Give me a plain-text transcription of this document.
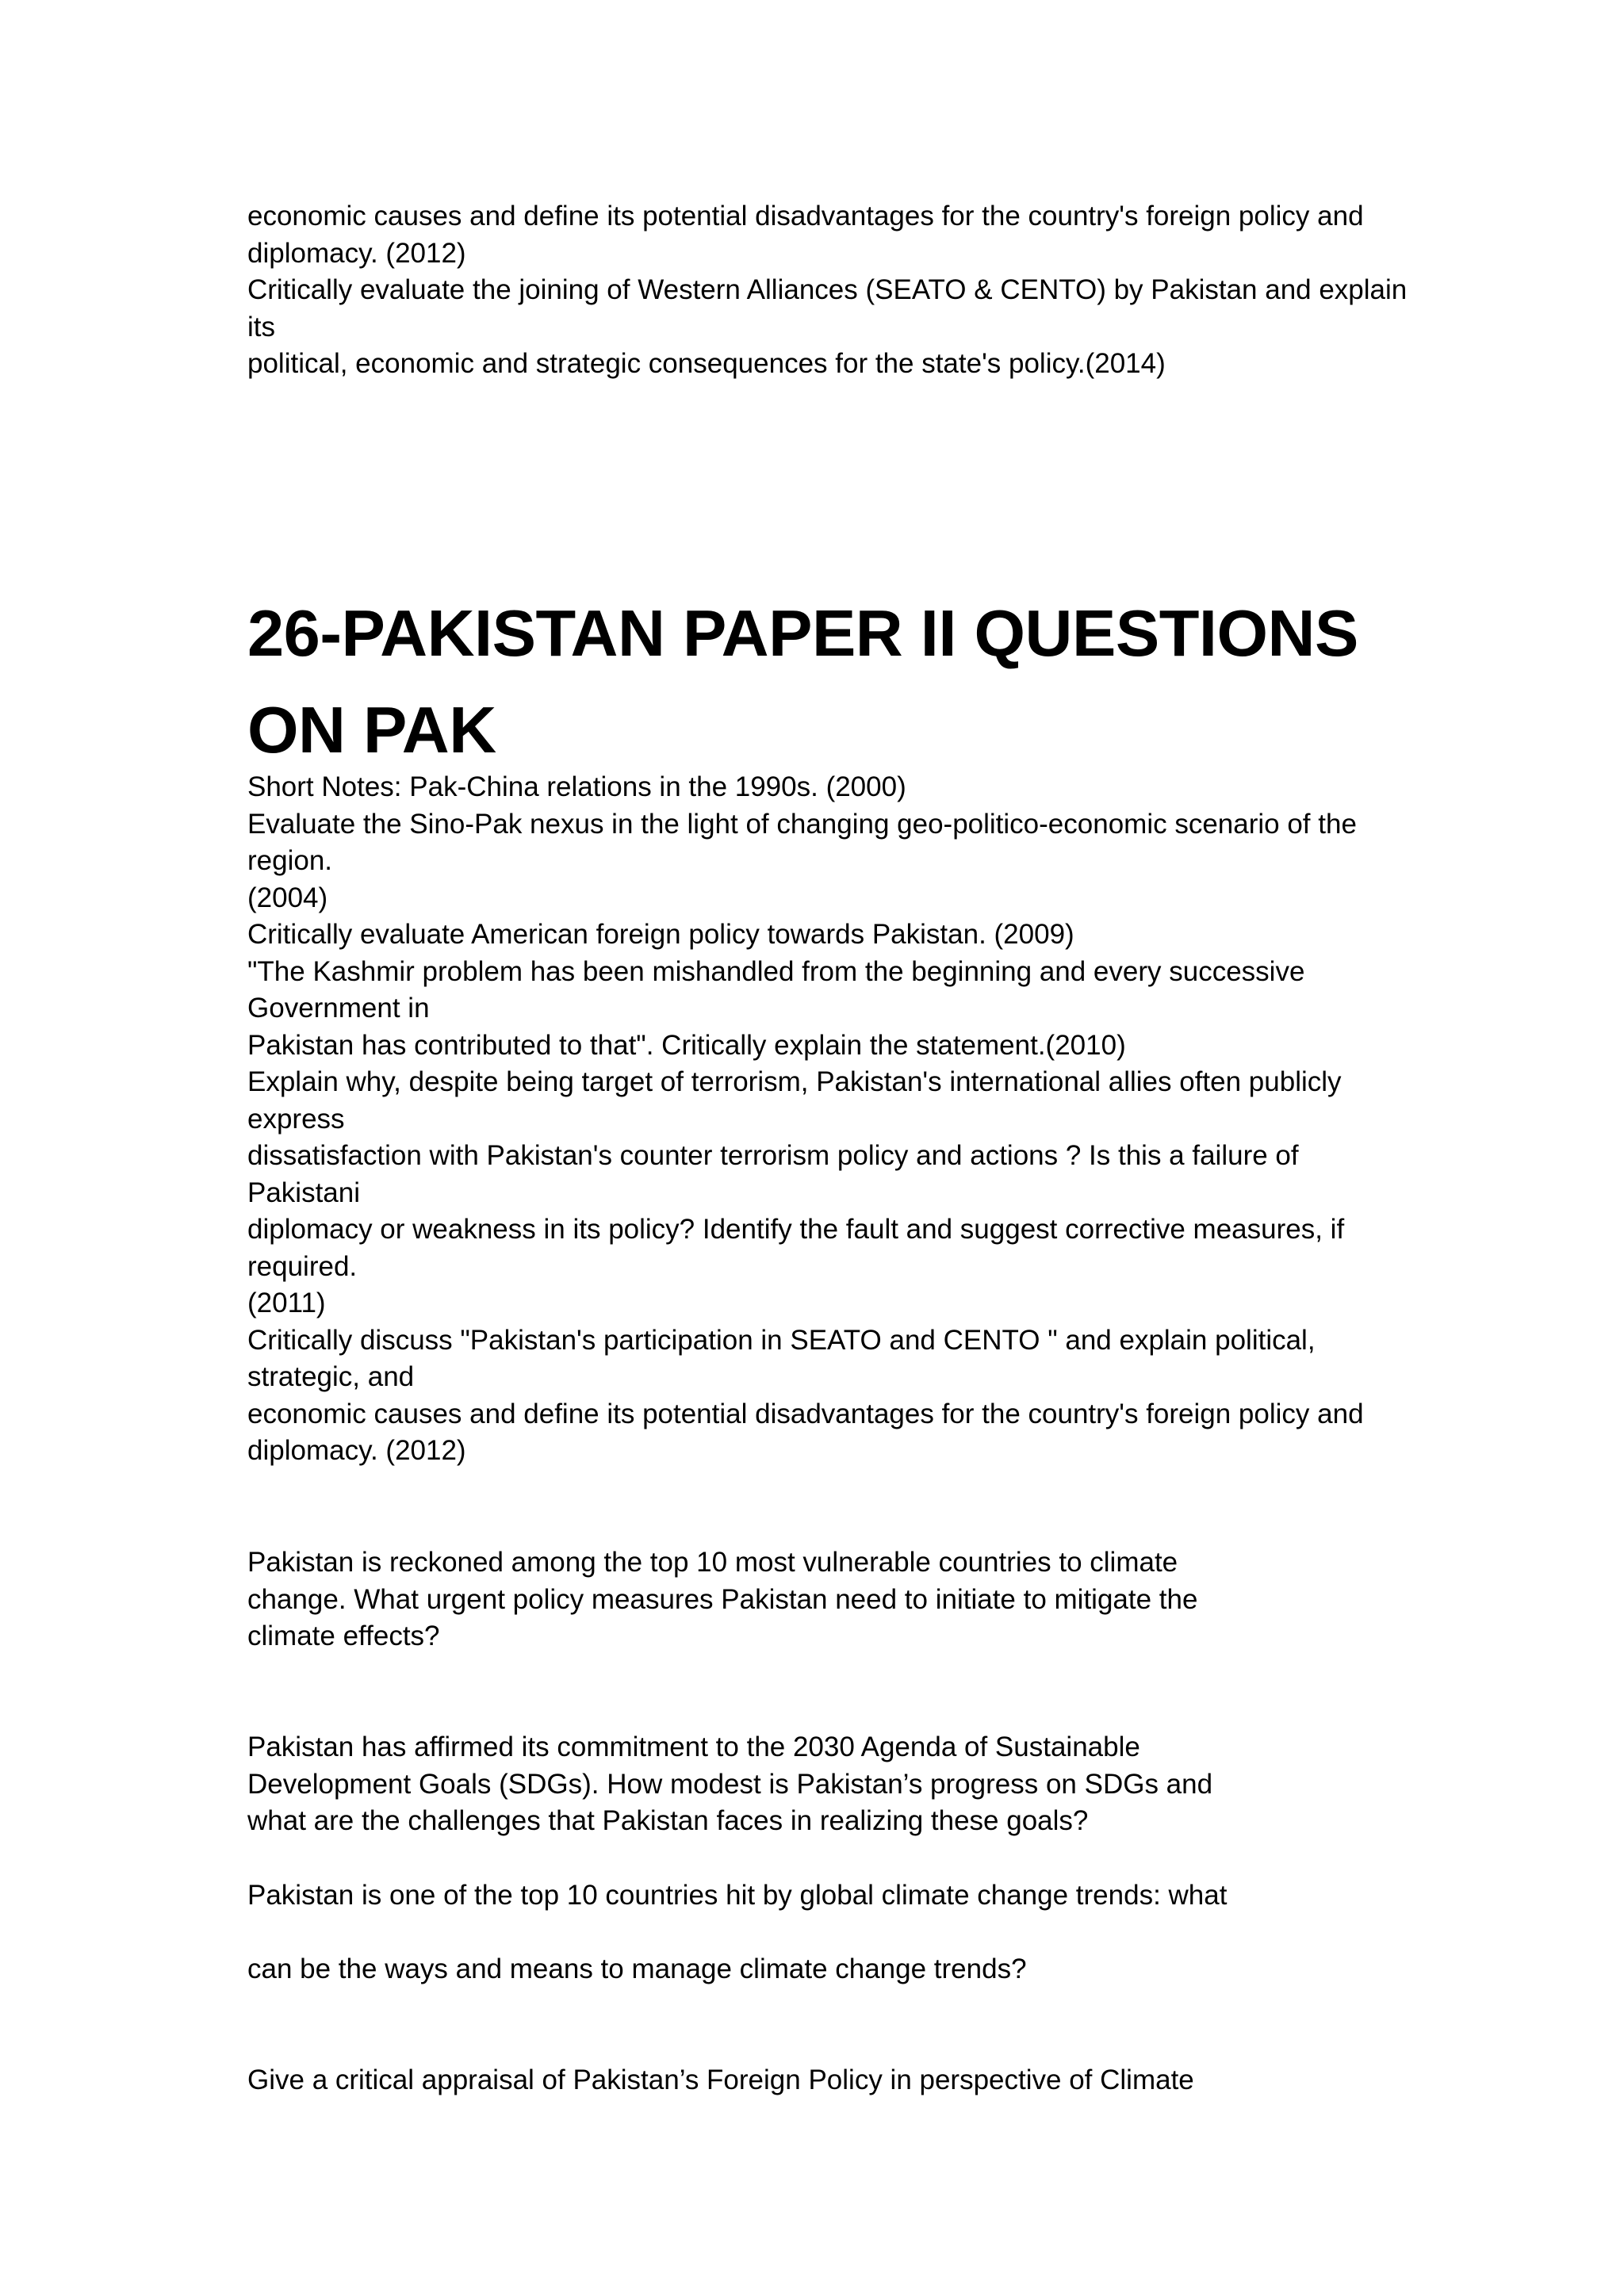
economic causes and define its potential disadvantages for the country's foreign policy and
diplomacy. (2012)
Critically evaluate the joining of Western Alliances (SEATO & CENTO) by Pakistan and explain
its
political, economic and strategic consequences for the state's policy.(2014)
26-PAKISTAN PAPER II QUESTIONS
ON PAK
Short Notes: Pak-China relations in the 1990s. (2000)
Evaluate the Sino-Pak nexus in the light of changing geo-politico-economic scenario of the
region.
(2004)
Critically evaluate American foreign policy towards Pakistan. (2009)
"The Kashmir problem has been mishandled from the beginning and every successive
Government in
Pakistan has contributed to that". Critically explain the statement.(2010)
Explain why, despite being target of terrorism, Pakistan's international allies often publicly
express
dissatisfaction with Pakistan's counter terrorism policy and actions ? Is this a failure of
Pakistani
diplomacy or weakness in its policy? Identify the fault and suggest corrective measures, if
required.
(2011)
Critically discuss "Pakistan's participation in SEATO and CENTO " and explain political,
strategic, and
economic causes and define its potential disadvantages for the country's foreign policy and
diplomacy. (2012)
Pakistan is reckoned among the top 10 most vulnerable countries to climate
change. What urgent policy measures Pakistan need to initiate to mitigate the
climate effects?
Pakistan has affirmed its commitment to the 2030 Agenda of Sustainable
Development Goals (SDGs). How modest is Pakistan’s progress on SDGs and
what are the challenges that Pakistan faces in realizing these goals?
Pakistan is one of the top 10 countries hit by global climate change trends: what
can be the ways and means to manage climate change trends?
Give a critical appraisal of Pakistan’s Foreign Policy in perspective of Climate
